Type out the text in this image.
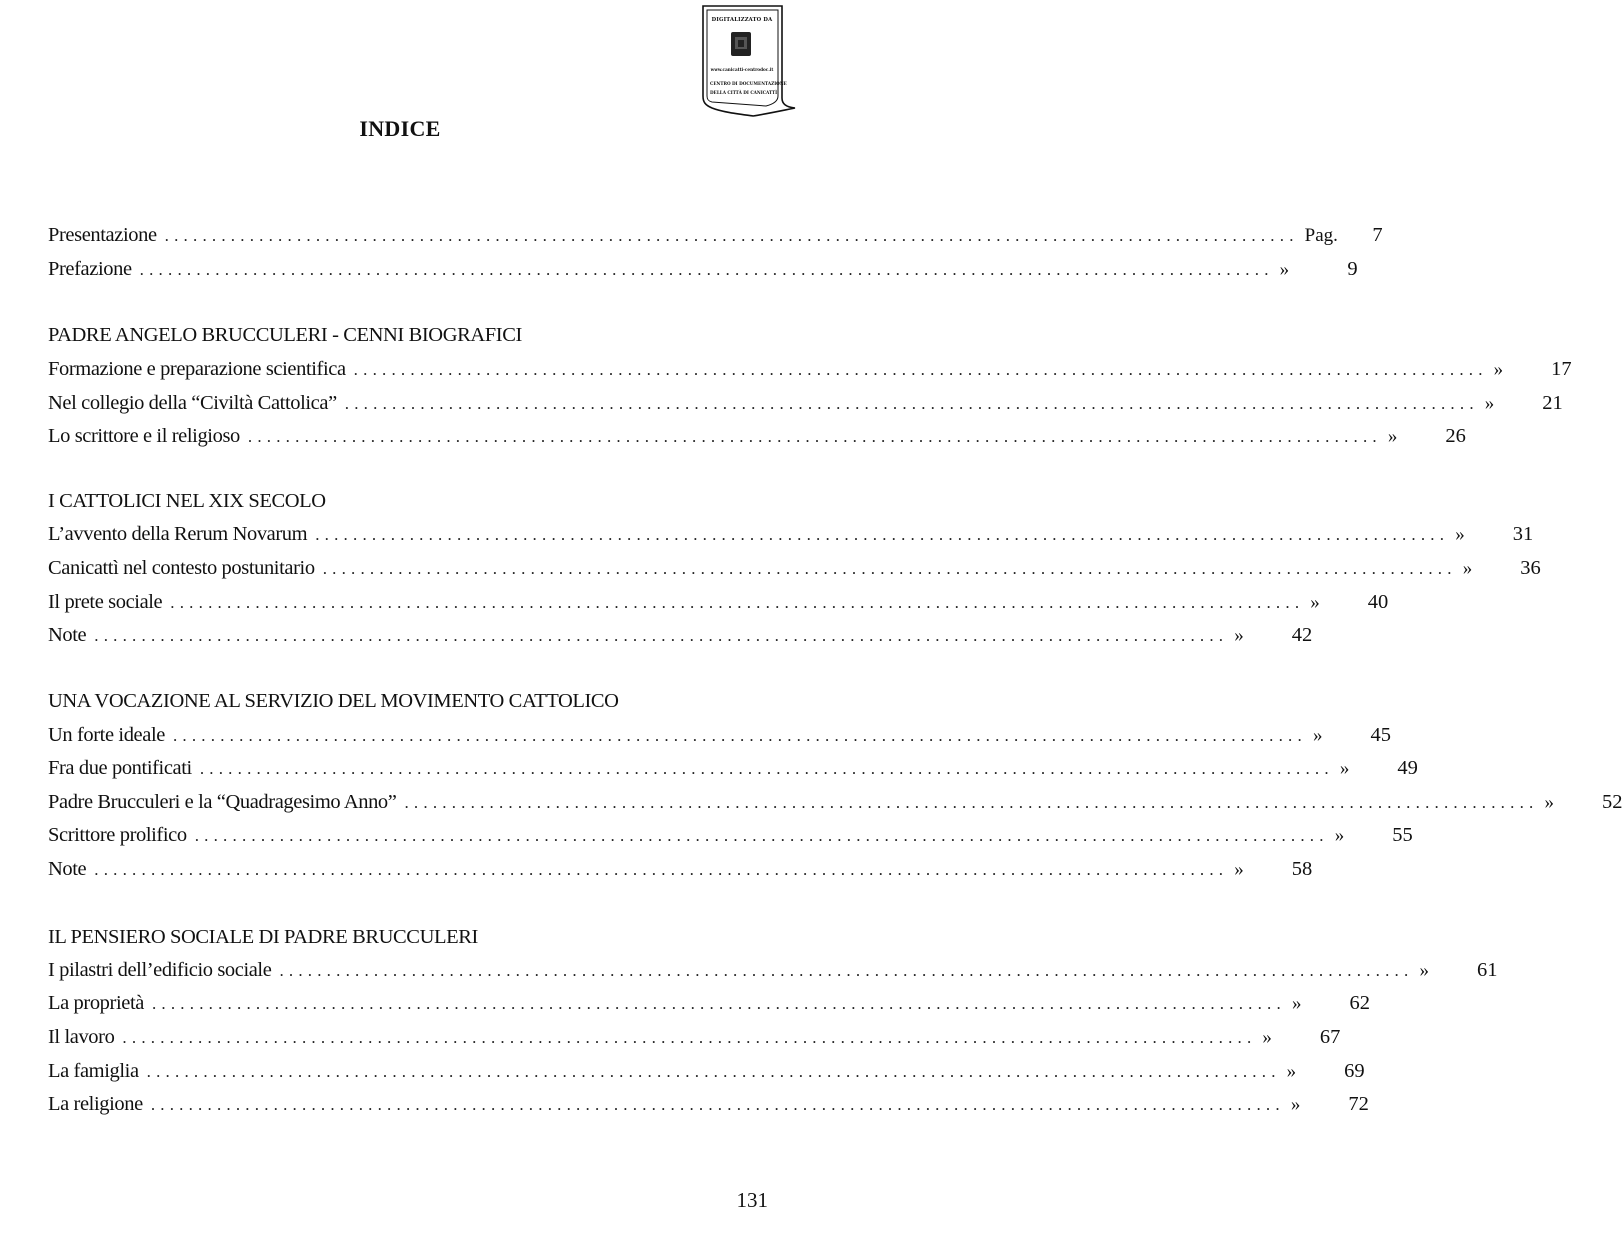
DIGITALIZZATO DA
www.canicatti-centrodoc.it
CENTRO DI DOCUMENTAZIONE
DELLA CITTÀ DI CANICATTÌ
INDICE
Presentazione ........................................................................................................................ Pag.	7
Prefazione ........................................................................................................................ »	9
PADRE ANGELO BRUCCULERI - CENNI BIOGRAFICI
Formazione e preparazione scientifica ........................................................................................................................ »	17
Nel collegio della “Civiltà Cattolica” ........................................................................................................................ »	21
Lo scrittore e il religioso ........................................................................................................................ »	26
I CATTOLICI NEL XIX SECOLO
L’avvento della Rerum Novarum ........................................................................................................................ »	31
Canicattì nel contesto postunitario ........................................................................................................................ »	36
Il prete sociale ........................................................................................................................ »	40
Note ........................................................................................................................ »	42
UNA VOCAZIONE AL SERVIZIO DEL MOVIMENTO CATTOLICO
Un forte ideale ........................................................................................................................ »	45
Fra due pontificati ........................................................................................................................ »	49
Padre Brucculeri e la “Quadragesimo Anno” ........................................................................................................................ »	52
Scrittore prolifico ........................................................................................................................ »	55
Note ........................................................................................................................ »	58
IL PENSIERO SOCIALE DI PADRE BRUCCULERI
I pilastri dell’edificio sociale ........................................................................................................................ »	61
La proprietà ........................................................................................................................ »	62
Il lavoro ........................................................................................................................ »	67
La famiglia ........................................................................................................................ »	69
La religione ........................................................................................................................ »	72
131
